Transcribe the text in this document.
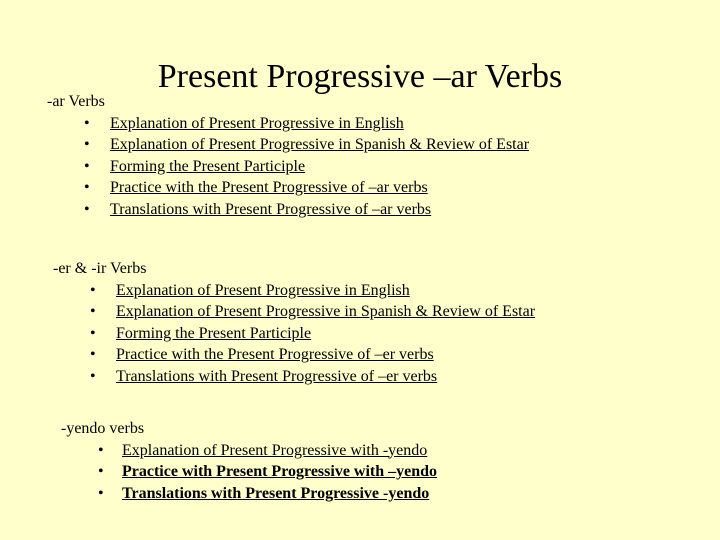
Present Progressive –ar Verbs
-ar Verbs
• Explanation of Present Progressive in English
• Explanation of Present Progressive in Spanish & Review of Estar
• Forming the Present Participle
• Practice with the Present Progressive of –ar verbs
• Translations with Present Progressive of –ar verbs
-er & -ir Verbs
• Explanation of Present Progressive in English
• Explanation of Present Progressive in Spanish & Review of Estar
• Forming the Present Participle
• Practice with the Present Progressive of –er verbs
• Translations with Present Progressive of –er verbs
-yendo verbs
• Explanation of Present Progressive with -yendo
• Practice with Present Progressive with –yendo
• Translations with Present Progressive -yendo
